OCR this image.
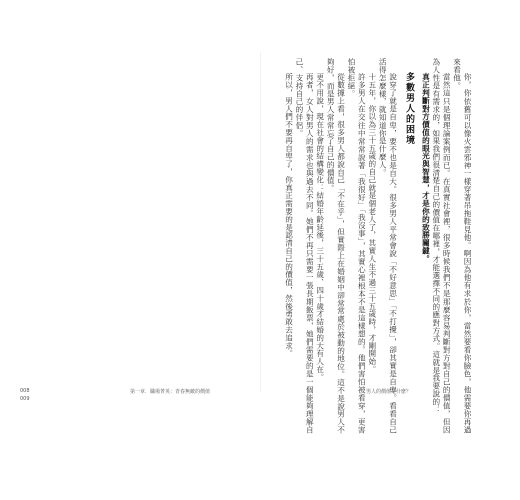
你，你依舊可以像火雲邪神一樣穿著吊拖鞋見他。啊因為他有求於你，當然要看你臉色，他需要你再過來看他。

當然這只是個理論案例而已。在真實社會裡，很多時候我們不是那麼容易判斷對方對自己的價值，但因為人性是有需求的，如果我們很清楚自己的價值在哪裡，才能選擇不同的應對方式。這就是我要說的：

真正判斷對方價值的眼光與智慧，才是你的致勝關鍵。

多數男人的困境

說穿了就是自卑，要不也是自大。很多男人平常會說「不好意思」「不打擾」，卻其實是自卑。看看自己活得怎麼樣，就知道你是什麼人。

十五年，你以為三十五歲的自己就是個老人了，其實人生不過三十五歲時，才剛開始。

許多男人在交往中常常說著「我很好」「我沒事」，其實心裡根本不是這樣想的。他們害怕被看穿，更害怕被拒絕。

從數據上看，很多男人都說自己「不在乎」，但實際上在婚姻中卻常常處於被動的地位。這不是說男人不夠好，而是男人常常忘了自己的價值。

更不用說，現在社會的結構變化：結婚年齡延後，三十五歲、四十歲才結婚的大有人在。

再者，女人對男人的需求也與過去不同。她們不再只需要一張長期飯票，她們需要的是一個能夠理解自己、支持自己的伴侶。

所以，男人們不要再自卑了，你真正需要的是認清自己的價值，然後勇敢去追求。

第一章．職場菁英：青春無敵的價值	男人的價值是什麼？
008
009
